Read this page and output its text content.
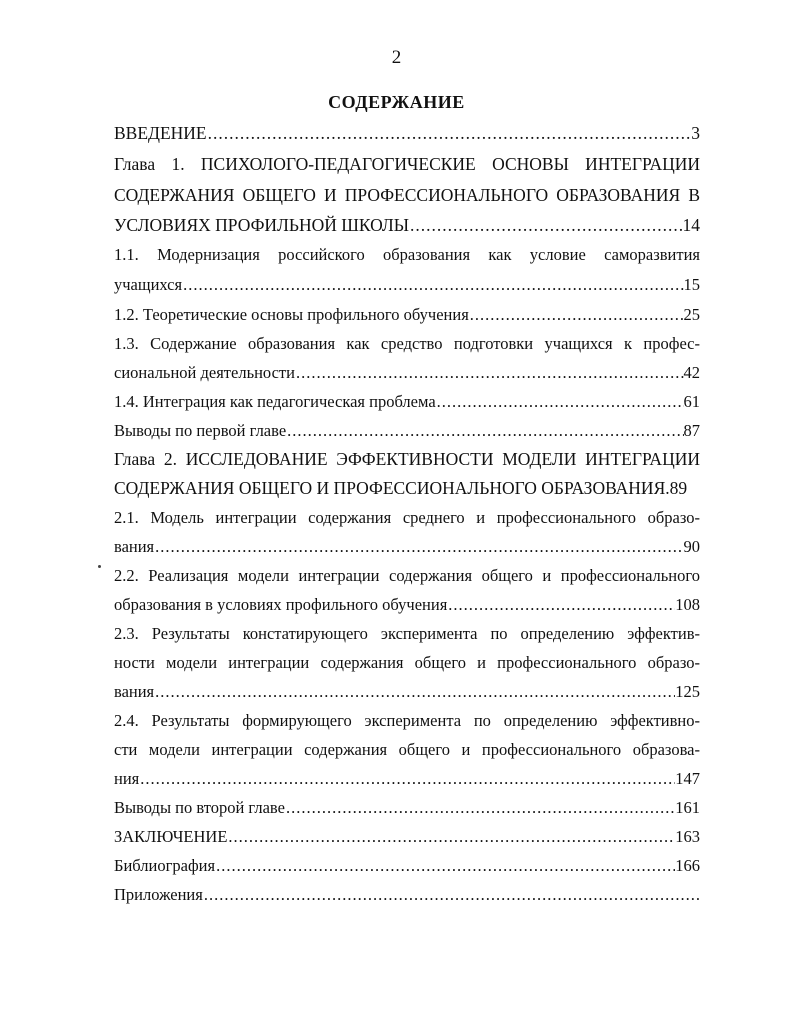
2
СОДЕРЖАНИЕ
ВВЕДЕНИЕ .....	3
Глава 1. ПСИХОЛОГО-ПЕДАГОГИЧЕСКИЕ ОСНОВЫ ИНТЕГРАЦИИ
СОДЕРЖАНИЯ ОБЩЕГО И ПРОФЕССИОНАЛЬНОГО ОБРАЗОВАНИЯ В
УСЛОВИЯХ ПРОФИЛЬНОЙ ШКОЛЫ .....	14
1.1. Модернизация российского образования как условие саморазвития
учащихся .....	15
1.2. Теоретические основы профильного обучения .....	25
1.3. Содержание образования как средство подготовки учащихся к профес-
сиональной деятельности .....	42
1.4. Интеграция как педагогическая проблема .....	61
Выводы по первой главе .....	87
Глава 2. ИССЛЕДОВАНИЕ ЭФФЕКТИВНОСТИ МОДЕЛИ ИНТЕГРАЦИИ
СОДЕРЖАНИЯ ОБЩЕГО И ПРОФЕССИОНАЛЬНОГО ОБРАЗОВАНИЯ.89
2.1. Модель интеграции содержания среднего и профессионального образо-
вания .....	90
2.2. Реализация модели интеграции содержания общего и профессионального
образования в условиях профильного обучения .....	108
2.3. Результаты констатирующего эксперимента по определению эффектив-
ности модели интеграции содержания общего и профессионального образо-
вания .....	125
2.4. Результаты формирующего эксперимента по определению эффективно-
сти модели интеграции содержания общего и профессионального образова-
ния .....	147
Выводы по второй главе .....	161
ЗАКЛЮЧЕНИЕ .....	163
Библиография .....	166
Приложения
.....
